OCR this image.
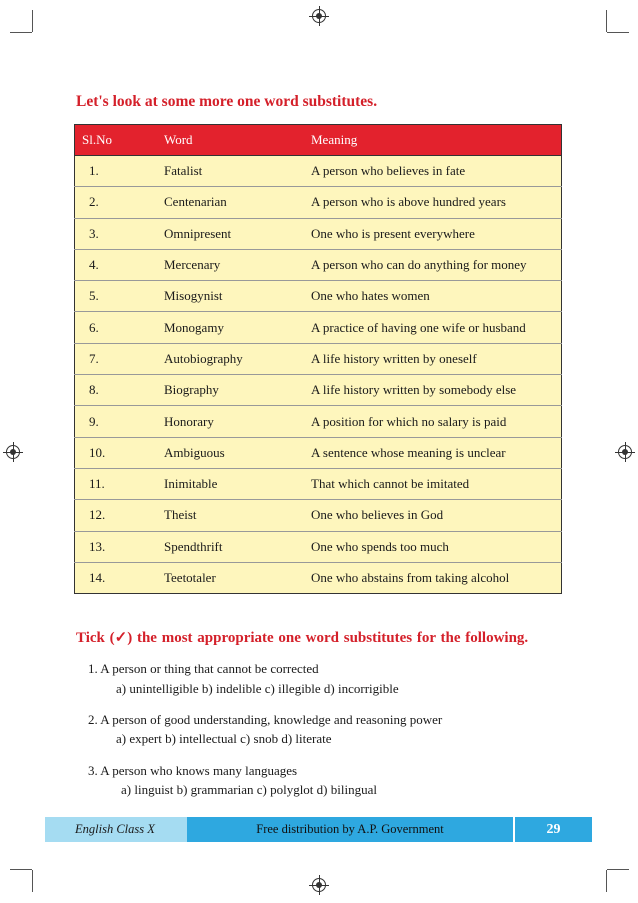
Let's look at some more one word substitutes.
Sl.No	Word	Meaning
1.	Fatalist	A person who believes in fate
2.	Centenarian	A person who is above hundred years
3.	Omnipresent	One who is present everywhere
4.	Mercenary	A person who can do anything for money
5.	Misogynist	One who hates women
6.	Monogamy	A practice of having one wife or husband
7.	Autobiography	A life history written by oneself
8.	Biography	A life history written by somebody else
9.	Honorary	A position for which no salary is paid
10.	Ambiguous	A sentence whose meaning is unclear
11.	Inimitable	That which cannot be imitated
12.	Theist	One who believes in God
13.	Spendthrift	One who spends too much
14.	Teetotaler	One who abstains from taking alcohol
Tick (✓) the most appropriate one word substitutes for the following.
1. A person or thing that cannot be corrected
a) unintelligible b) indelible c) illegible d) incorrigible
2. A person of good understanding, knowledge and reasoning power
a) expert b) intellectual c) snob d) literate
3. A person who knows many languages
a) linguist b) grammarian c) polyglot d) bilingual
English Class X	Free distribution by A.P. Government	29
